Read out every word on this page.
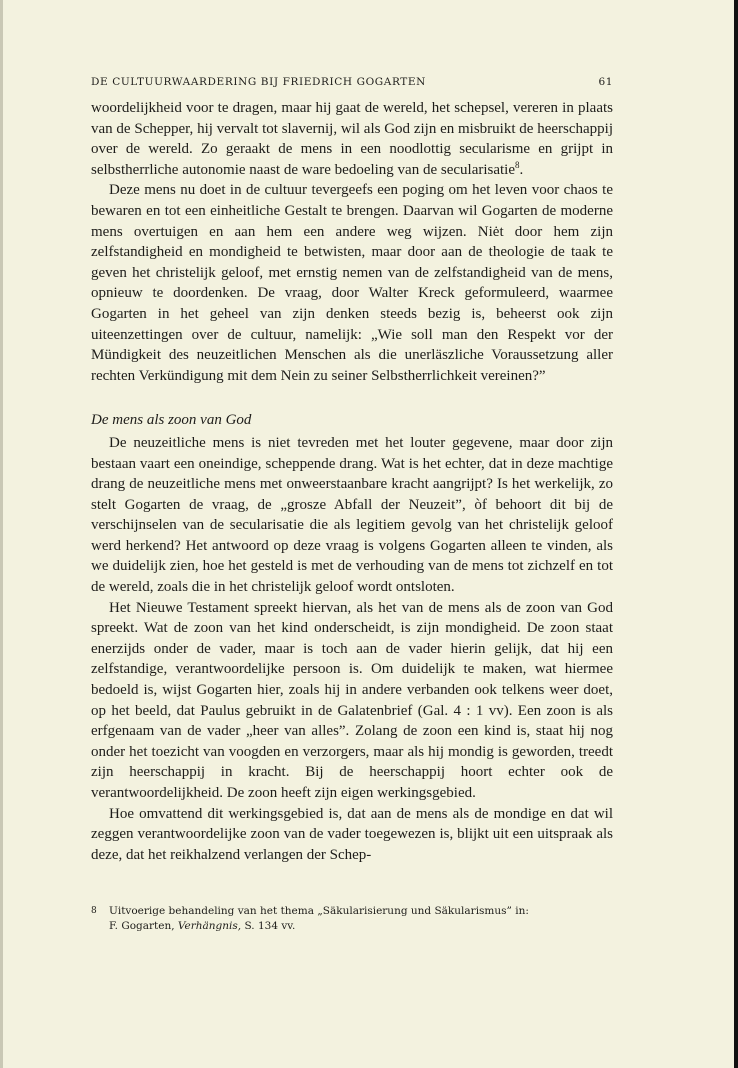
DE CULTUURWAARDERING BIJ FRIEDRICH GOGARTEN	61

woordelijkheid voor te dragen, maar hij gaat de wereld, het schepsel, vereren in plaats van de Schepper, hij vervalt tot slavernij, wil als God zijn en misbruikt de heerschappij over de wereld. Zo geraakt de mens in een noodlottig secularisme en grijpt in selbstherrliche autonomie naast de ware bedoeling van de secularisatie$^8$.

Deze mens nu doet in de cultuur tevergeefs een poging om het leven voor chaos te bewaren en tot een einheitliche Gestalt te brengen. Daarvan wil Gogarten de moderne mens overtuigen en aan hem een andere weg wijzen. Niėt door hem zijn zelfstandigheid en mondigheid te betwisten, maar door aan de theologie de taak te geven het christelijk geloof, met ernstig nemen van de zelfstandigheid van de mens, opnieuw te doordenken. De vraag, door Walter Kreck geformuleerd, waarmee Gogarten in het geheel van zijn denken steeds bezig is, beheerst ook zijn uiteenzettingen over de cultuur, namelijk: „Wie soll man den Respekt vor der Mündigkeit des neuzeitlichen Menschen als die unerläszliche Voraussetzung aller rechten Verkündigung mit dem Nein zu seiner Selbstherrlichkeit vereinen?”

De mens als zoon van God

De neuzeitliche mens is niet tevreden met het louter gegevene, maar door zijn bestaan vaart een oneindige, scheppende drang. Wat is het echter, dat in deze machtige drang de neuzeitliche mens met onweerstaanbare kracht aangrijpt? Is het werkelijk, zo stelt Gogarten de vraag, de „grosze Abfall der Neuzeit”, òf behoort dit bij de verschijnselen van de secularisatie die als legitiem gevolg van het christelijk geloof werd herkend? Het antwoord op deze vraag is volgens Gogarten alleen te vinden, als we duidelijk zien, hoe het gesteld is met de verhouding van de mens tot zichzelf en tot de wereld, zoals die in het christelijk geloof wordt ontsloten.

Het Nieuwe Testament spreekt hiervan, als het van de mens als de zoon van God spreekt. Wat de zoon van het kind onderscheidt, is zijn mondigheid. De zoon staat enerzijds onder de vader, maar is toch aan de vader hierin gelijk, dat hij een zelfstandige, verantwoordelijke persoon is. Om duidelijk te maken, wat hiermee bedoeld is, wijst Gogarten hier, zoals hij in andere verbanden ook telkens weer doet, op het beeld, dat Paulus gebruikt in de Galatenbrief (Gal. 4 : 1 vv). Een zoon is als erfgenaam van de vader „heer van alles”. Zolang de zoon een kind is, staat hij nog onder het toezicht van voogden en verzorgers, maar als hij mondig is geworden, treedt zijn heerschappij in kracht. Bij de heerschappij hoort echter ook de verantwoordelijkheid. De zoon heeft zijn eigen werkingsgebied.

Hoe omvattend dit werkingsgebied is, dat aan de mens als de mondige en dat wil zeggen verantwoordelijke zoon van de vader toegewezen is, blijkt uit een uitspraak als deze, dat het reikhalzend verlangen der Schep-

8 Uitvoerige behandeling van het thema „Säkularisierung und Säkularismus” in:
F. Gogarten, Verhängnis, S. 134 vv.
